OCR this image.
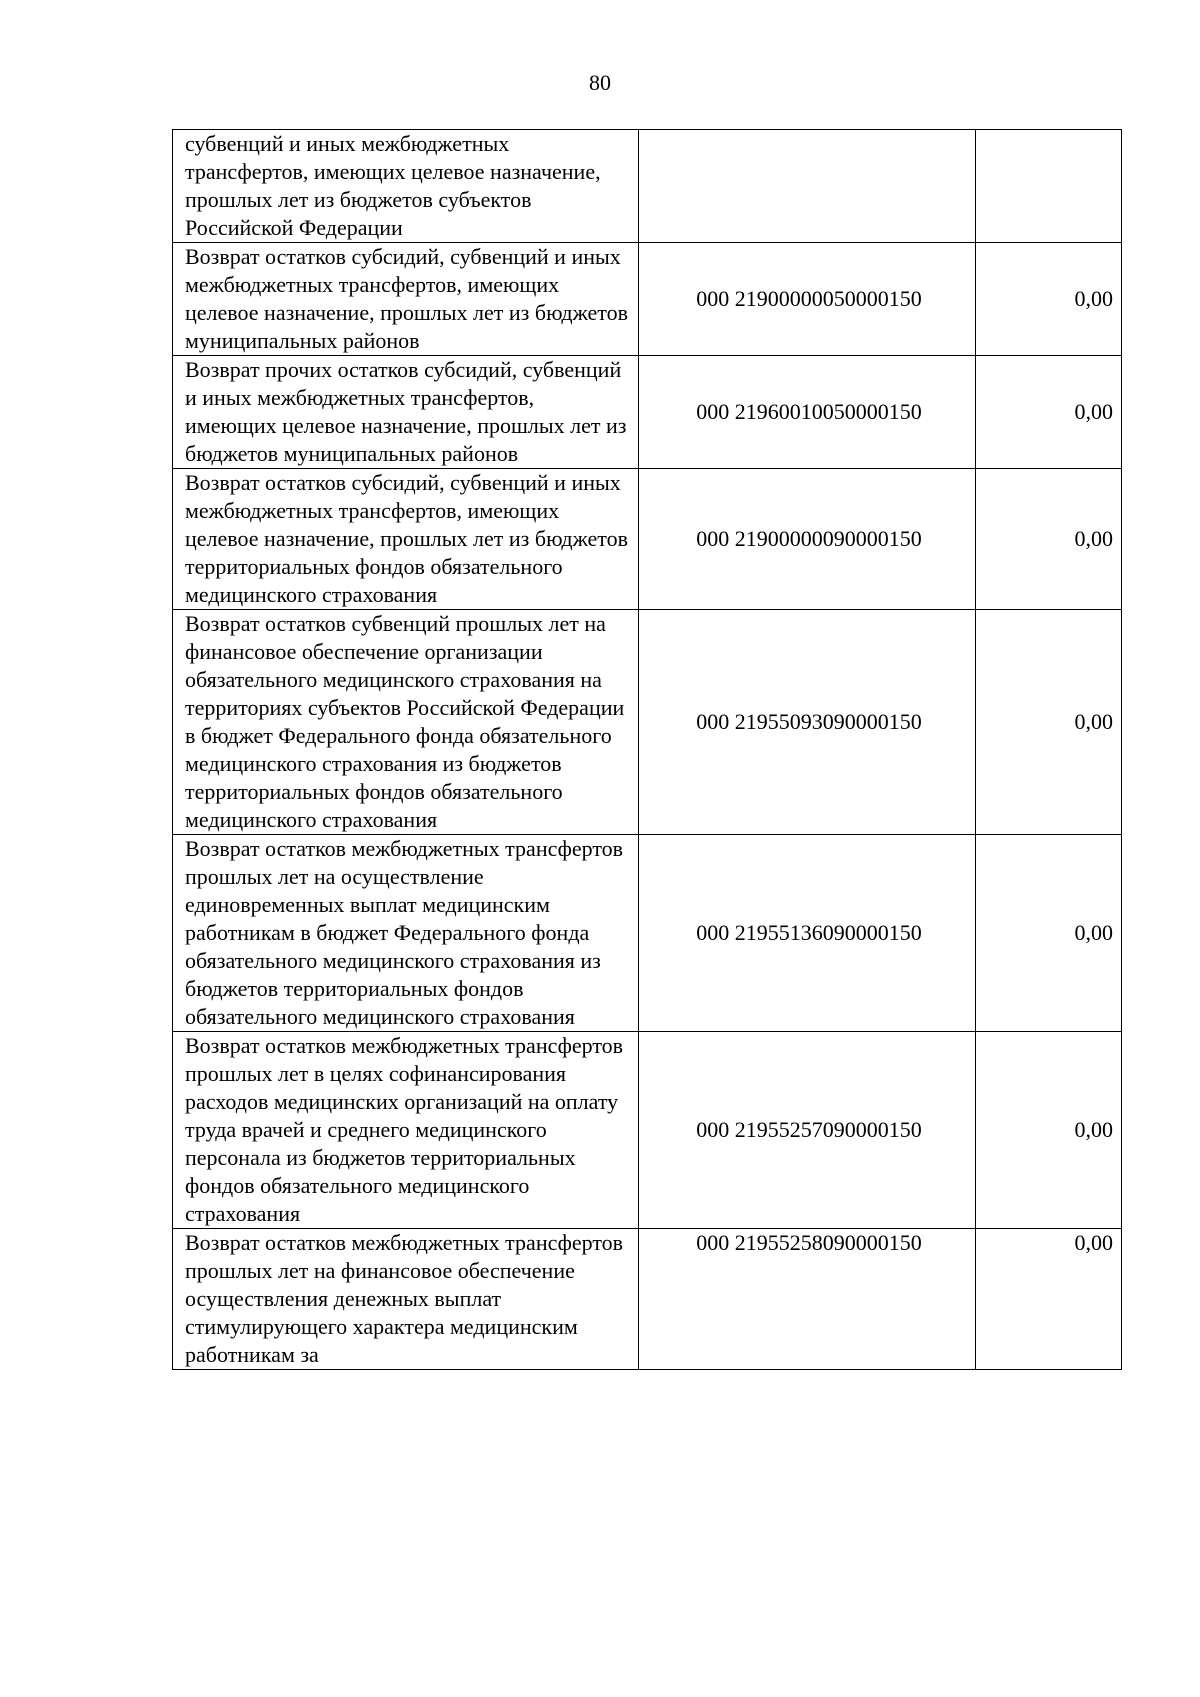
80
субвенций и иных межбюджетных трансфертов, имеющих целевое назначение, прошлых лет из бюджетов субъектов Российской Федерации		
Возврат остатков субсидий, субвенций и иных межбюджетных трансфертов, имеющих целевое назначение, прошлых лет из бюджетов муниципальных районов	000 21900000050000150	0,00
Возврат прочих остатков субсидий, субвенций и иных межбюджетных трансфертов, имеющих целевое назначение, прошлых лет из бюджетов муниципальных районов	000 21960010050000150	0,00
Возврат остатков субсидий, субвенций и иных межбюджетных трансфертов, имеющих целевое назначение, прошлых лет из бюджетов территориальных фондов обязательного медицинского страхования	000 21900000090000150	0,00
Возврат остатков субвенций прошлых лет на финансовое обеспечение организации обязательного медицинского страхования на территориях субъектов Российской Федерации в бюджет Федерального фонда обязательного медицинского страхования из бюджетов территориальных фондов обязательного медицинского страхования	000 21955093090000150	0,00
Возврат остатков межбюджетных трансфертов прошлых лет на осуществление единовременных выплат медицинским работникам в бюджет Федерального фонда обязательного медицинского страхования из бюджетов территориальных фондов обязательного медицинского страхования	000 21955136090000150	0,00
Возврат остатков межбюджетных трансфертов прошлых лет в целях софинансирования расходов медицинских организаций на оплату труда врачей и среднего медицинского персонала из бюджетов территориальных фондов обязательного медицинского страхования	000 21955257090000150	0,00
Возврат остатков межбюджетных трансфертов прошлых лет на финансовое обеспечение осуществления денежных выплат стимулирующего характера медицинским работникам за	000 21955258090000150	0,00
